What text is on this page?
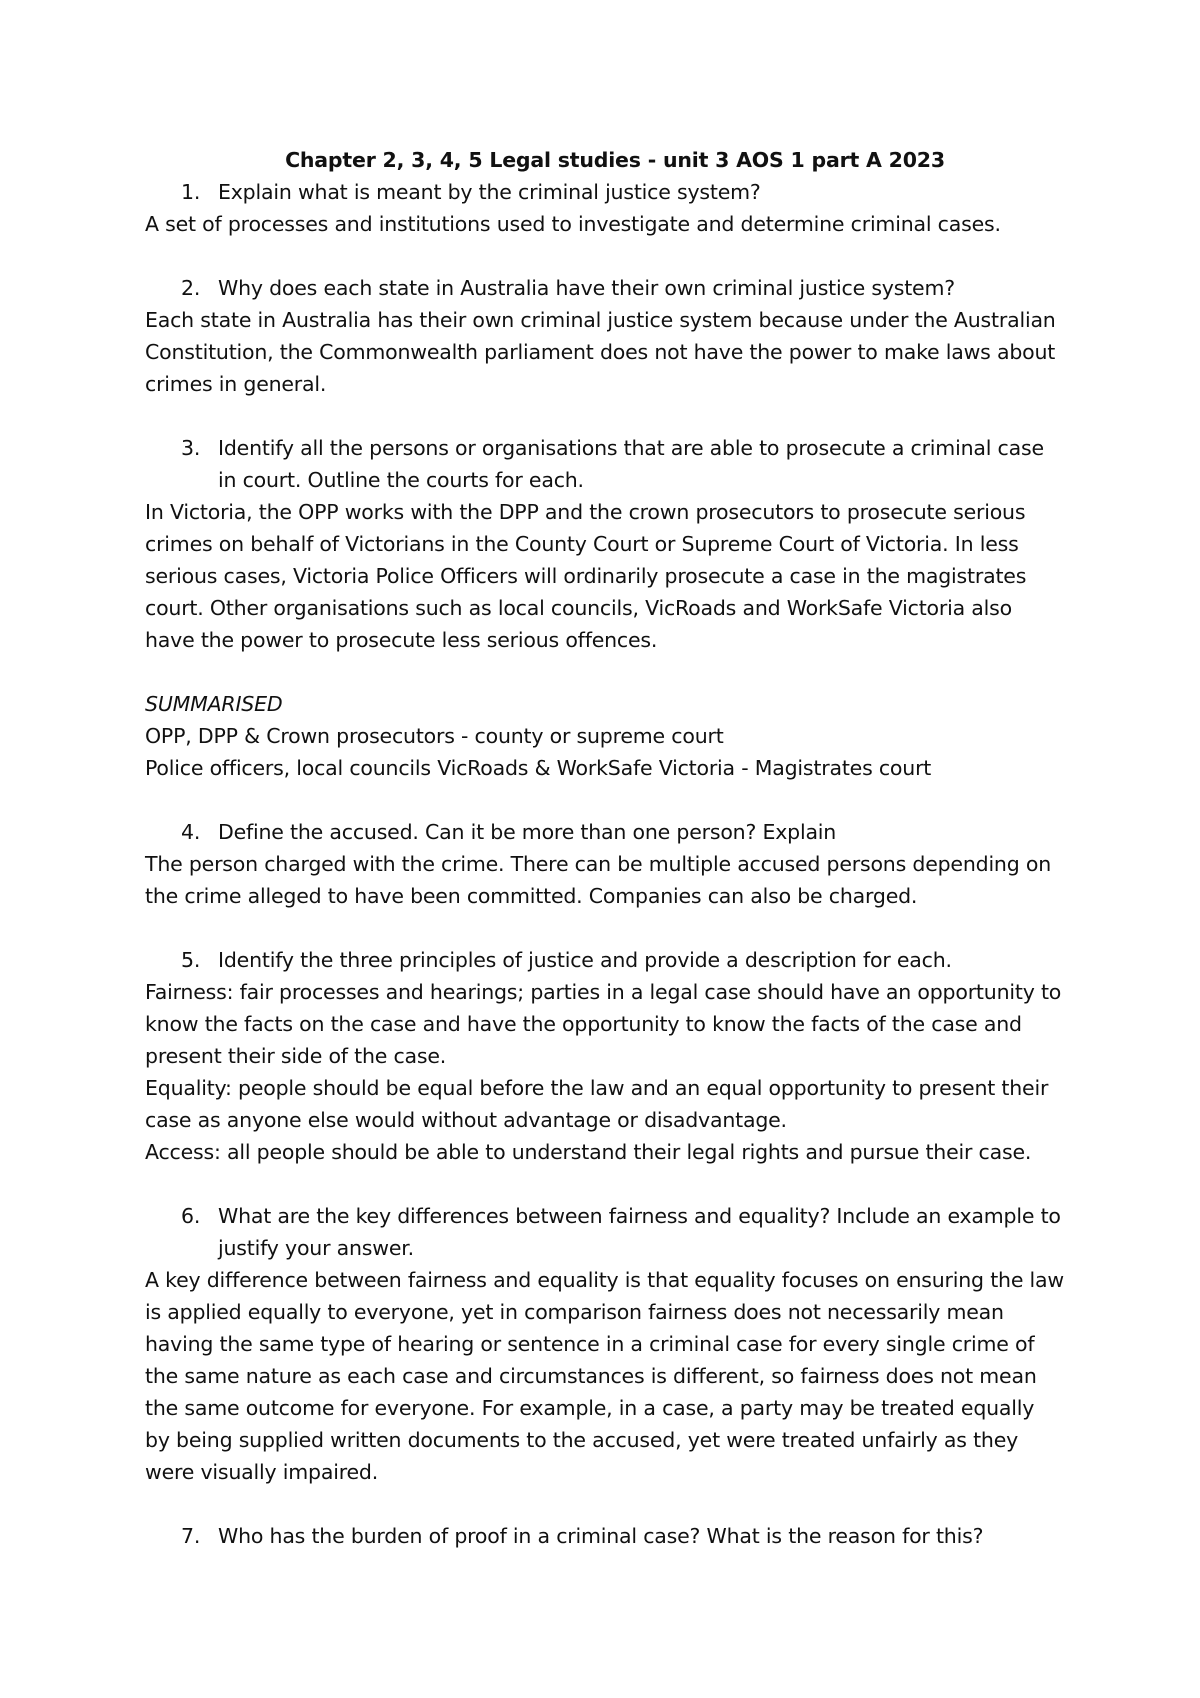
Chapter 2, 3, 4, 5 Legal studies - unit 3 AOS 1 part A 2023

1. Explain what is meant by the criminal justice system?

A set of processes and institutions used to investigate and determine criminal cases.

2. Why does each state in Australia have their own criminal justice system?

Each state in Australia has their own criminal justice system because under the Australian Constitution, the Commonwealth parliament does not have the power to make laws about crimes in general.

3. Identify all the persons or organisations that are able to prosecute a criminal case in court. Outline the courts for each.

In Victoria, the OPP works with the DPP and the crown prosecutors to prosecute serious crimes on behalf of Victorians in the County Court or Supreme Court of Victoria. In less serious cases, Victoria Police Officers will ordinarily prosecute a case in the magistrates court. Other organisations such as local councils, VicRoads and WorkSafe Victoria also have the power to prosecute less serious offences.

SUMMARISED

OPP, DPP & Crown prosecutors - county or supreme court

Police officers, local councils VicRoads & WorkSafe Victoria - Magistrates court

4. Define the accused. Can it be more than one person? Explain

The person charged with the crime. There can be multiple accused persons depending on the crime alleged to have been committed. Companies can also be charged.

5. Identify the three principles of justice and provide a description for each.

Fairness: fair processes and hearings; parties in a legal case should have an opportunity to know the facts on the case and have the opportunity to know the facts of the case and present their side of the case.

Equality: people should be equal before the law and an equal opportunity to present their case as anyone else would without advantage or disadvantage.

Access: all people should be able to understand their legal rights and pursue their case.

6. What are the key differences between fairness and equality? Include an example to justify your answer.

A key difference between fairness and equality is that equality focuses on ensuring the law is applied equally to everyone, yet in comparison fairness does not necessarily mean having the same type of hearing or sentence in a criminal case for every single crime of the same nature as each case and circumstances is different, so fairness does not mean the same outcome for everyone. For example, in a case, a party may be treated equally by being supplied written documents to the accused, yet were treated unfairly as they were visually impaired.

7. Who has the burden of proof in a criminal case? What is the reason for this?
